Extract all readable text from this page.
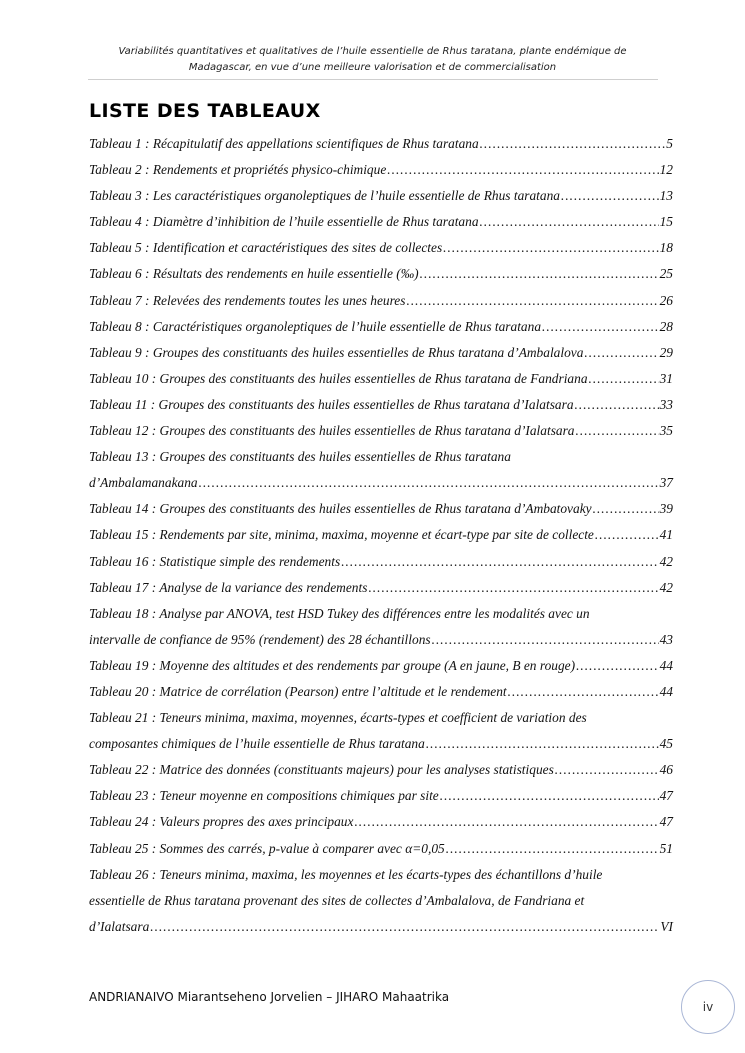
Variabilités quantitatives et qualitatives de l’huile essentielle de Rhus taratana, plante endémique de
Madagascar, en vue d’une meilleure valorisation et de commercialisation
LISTE DES TABLEAUX
Tableau 1 : Récapitulatif des appellations scientifiques de Rhus taratana .....	5
Tableau 2 : Rendements et propriétés physico-chimique .....	12
Tableau 3 : Les caractéristiques organoleptiques de l’huile essentielle de Rhus taratana .....	13
Tableau 4 : Diamètre d’inhibition de l’huile essentielle de Rhus taratana .....	15
Tableau 5 : Identification et caractéristiques des sites de collectes .....	18
Tableau 6 : Résultats des rendements en huile essentielle (‰) .....	25
Tableau 7 : Relevées des rendements toutes les unes heures .....	26
Tableau 8 : Caractéristiques organoleptiques de l’huile essentielle de Rhus taratana .....	28
Tableau 9 : Groupes des constituants des huiles essentielles de Rhus taratana d’Ambalalova .....	29
Tableau 10 : Groupes des constituants des huiles essentielles de Rhus taratana de Fandriana .....	31
Tableau 11 : Groupes des constituants des huiles essentielles de Rhus taratana d’Ialatsara .....	33
Tableau 12 : Groupes des constituants des huiles essentielles de Rhus taratana d’Ialatsara .....	35
Tableau 13 : Groupes des constituants des huiles essentielles de Rhus taratana
d’Ambalamanakana .....	37
Tableau 14 : Groupes des constituants des huiles essentielles de Rhus taratana d’Ambatovaky .....	39
Tableau 15 : Rendements par site, minima, maxima, moyenne et écart-type par site de collecte .....	41
Tableau 16 : Statistique simple des rendements .....	42
Tableau 17 : Analyse de la variance des rendements .....	42
Tableau 18 : Analyse par ANOVA, test HSD Tukey des différences entre les modalités avec un
intervalle de confiance de 95% (rendement) des 28 échantillons .....	43
Tableau 19 : Moyenne des altitudes et des rendements par groupe (A en jaune, B en rouge) .....	44
Tableau 20 : Matrice de corrélation (Pearson) entre l’altitude et le rendement .....	44
Tableau 21 : Teneurs minima, maxima, moyennes, écarts-types et coefficient de variation des
composantes chimiques de l’huile essentielle de Rhus taratana .....	45
Tableau 22 : Matrice des données (constituants majeurs) pour les analyses statistiques .....	46
Tableau 23 : Teneur moyenne en compositions chimiques par site .....	47
Tableau 24 : Valeurs propres des axes principaux .....	47
Tableau 25 : Sommes des carrés, p-value à comparer avec α=0,05 .....	51
Tableau 26 : Teneurs minima, maxima, les moyennes et les écarts-types des échantillons d’huile
essentielle de Rhus taratana provenant des sites de collectes d’Ambalalova, de Fandriana et
d’Ialatsara .....	VI
ANDRIANAIVO Miarantseheno Jorvelien – JIHARO Mahaatrika
iv
